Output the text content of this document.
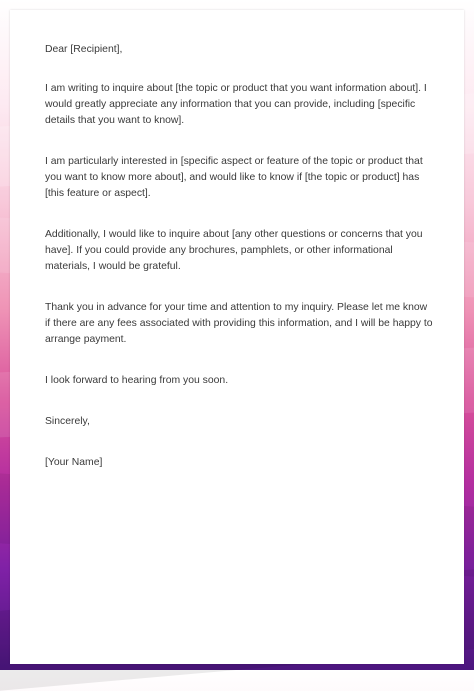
Dear [Recipient],

I am writing to inquire about [the topic or product that you want information about]. I would greatly appreciate any information that you can provide, including [specific details that you want to know].

I am particularly interested in [specific aspect or feature of the topic or product that you want to know more about], and would like to know if [the topic or product] has [this feature or aspect].

Additionally, I would like to inquire about [any other questions or concerns that you have]. If you could provide any brochures, pamphlets, or other informational materials, I would be grateful.

Thank you in advance for your time and attention to my inquiry. Please let me know if there are any fees associated with providing this information, and I will be happy to arrange payment.

I look forward to hearing from you soon.

Sincerely,

[Your Name]
